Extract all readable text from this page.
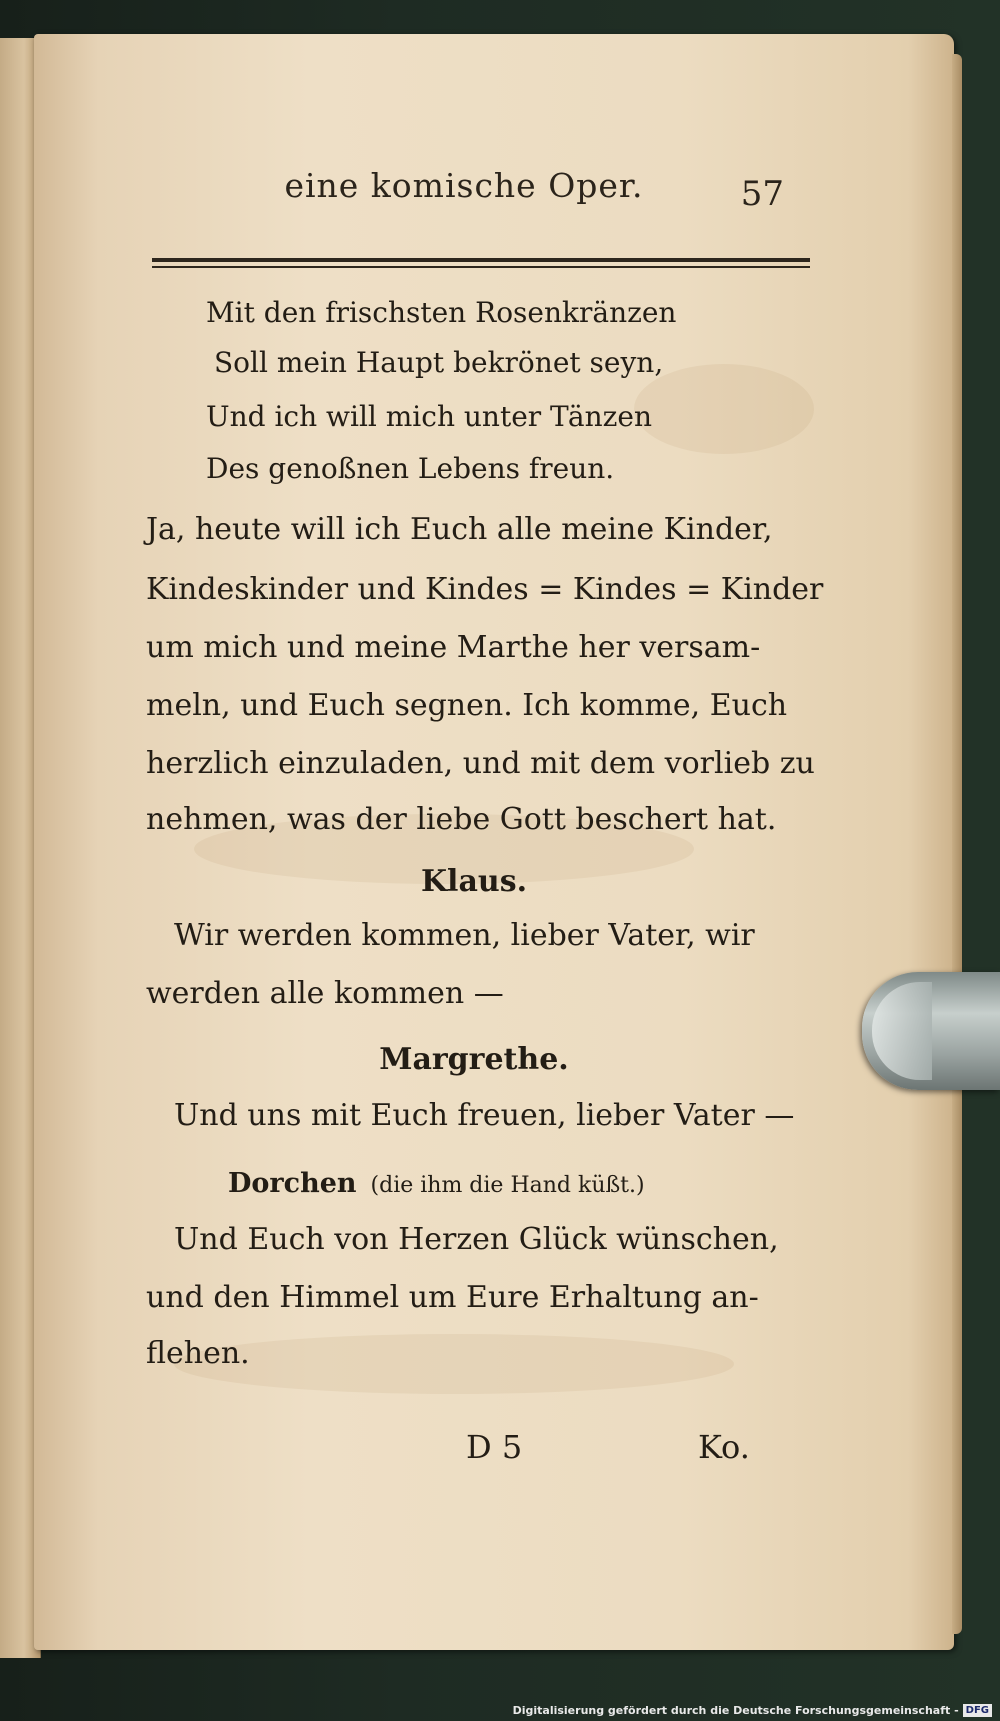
eine komische Oper.	57
Mit den frischsten Rosenkränzen
Soll mein Haupt bekrönet seyn,
Und ich will mich unter Tänzen
Des genoßnen Lebens freun.
Ja, heute will ich Euch alle meine Kinder,
Kindeskinder und Kindes = Kindes = Kinder
um mich und meine Marthe her versam-
meln, und Euch segnen. Ich komme, Euch
herzlich einzuladen, und mit dem vorlieb zu
nehmen, was der liebe Gott beschert hat.
Klaus.
Wir werden kommen, lieber Vater, wir
werden alle kommen —
Margrethe.
Und uns mit Euch freuen, lieber Vater —
Dorchen (die ihm die Hand küßt.)
Und Euch von Herzen Glück wünschen,
und den Himmel um Eure Erhaltung an-
flehen.
D 5	Ko.
Digitalisierung gefördert durch die Deutsche Forschungsgemeinschaft - DFG
